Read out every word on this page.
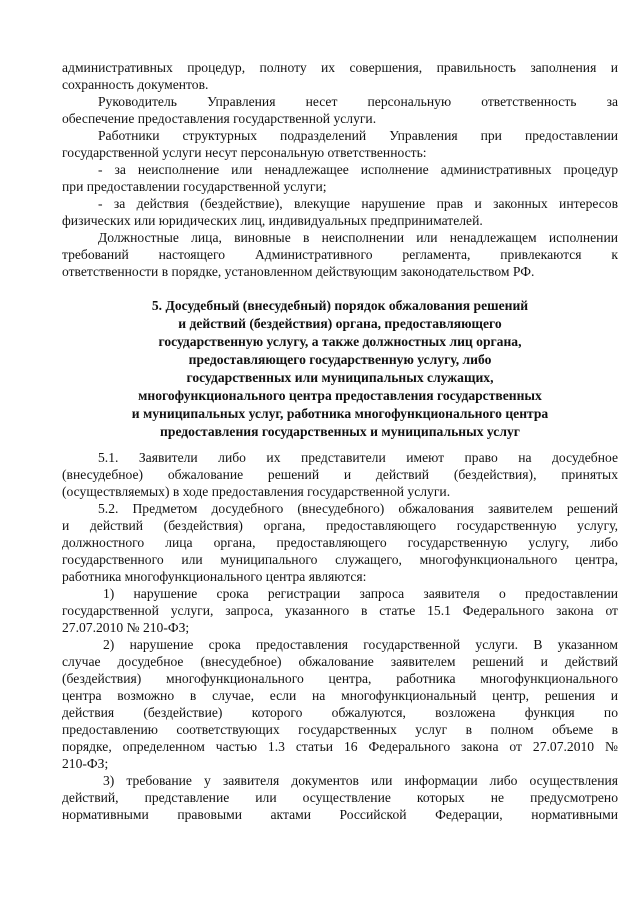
административных процедур, полноту их совершения, правильность заполнения и
сохранность документов.
Руководитель Управления несет персональную ответственность за
обеспечение предоставления государственной услуги.
Работники структурных подразделений Управления при предоставлении
государственной услуги несут персональную ответственность:
- за неисполнение или ненадлежащее исполнение административных процедур
при предоставлении государственной услуги;
- за действия (бездействие), влекущие нарушение прав и законных интересов
физических или юридических лиц, индивидуальных предпринимателей.
Должностные лица, виновные в неисполнении или ненадлежащем исполнении
требований настоящего Административного регламента, привлекаются к
ответственности в порядке, установленном действующим законодательством РФ.
5. Досудебный (внесудебный) порядок обжалования решений
и действий (бездействия) органа, предоставляющего
государственную услугу, а также должностных лиц органа,
предоставляющего государственную услугу, либо
государственных или муниципальных служащих,
многофункционального центра предоставления государственных
и муниципальных услуг, работника многофункционального центра
предоставления государственных и муниципальных услуг
5.1. Заявители либо их представители имеют право на досудебное
(внесудебное) обжалование решений и действий (бездействия), принятых
(осуществляемых) в ходе предоставления государственной услуги.
5.2. Предметом досудебного (внесудебного) обжалования заявителем решений
и действий (бездействия) органа, предоставляющего государственную услугу,
должностного лица органа, предоставляющего государственную услугу, либо
государственного или муниципального служащего, многофункционального центра,
работника многофункционального центра являются:
1) нарушение срока регистрации запроса заявителя о предоставлении
государственной услуги, запроса, указанного в статье 15.1 Федерального закона от
27.07.2010 № 210-ФЗ;
2) нарушение срока предоставления государственной услуги. В указанном
случае досудебное (внесудебное) обжалование заявителем решений и действий
(бездействия) многофункционального центра, работника многофункционального
центра возможно в случае, если на многофункциональный центр, решения и
действия (бездействие) которого обжалуются, возложена функция по
предоставлению соответствующих государственных услуг в полном объеме в
порядке, определенном частью 1.3 статьи 16 Федерального закона от 27.07.2010 №
210-ФЗ;
3) требование у заявителя документов или информации либо осуществления
действий, представление или осуществление которых не предусмотрено
нормативными правовыми актами Российской Федерации, нормативными
